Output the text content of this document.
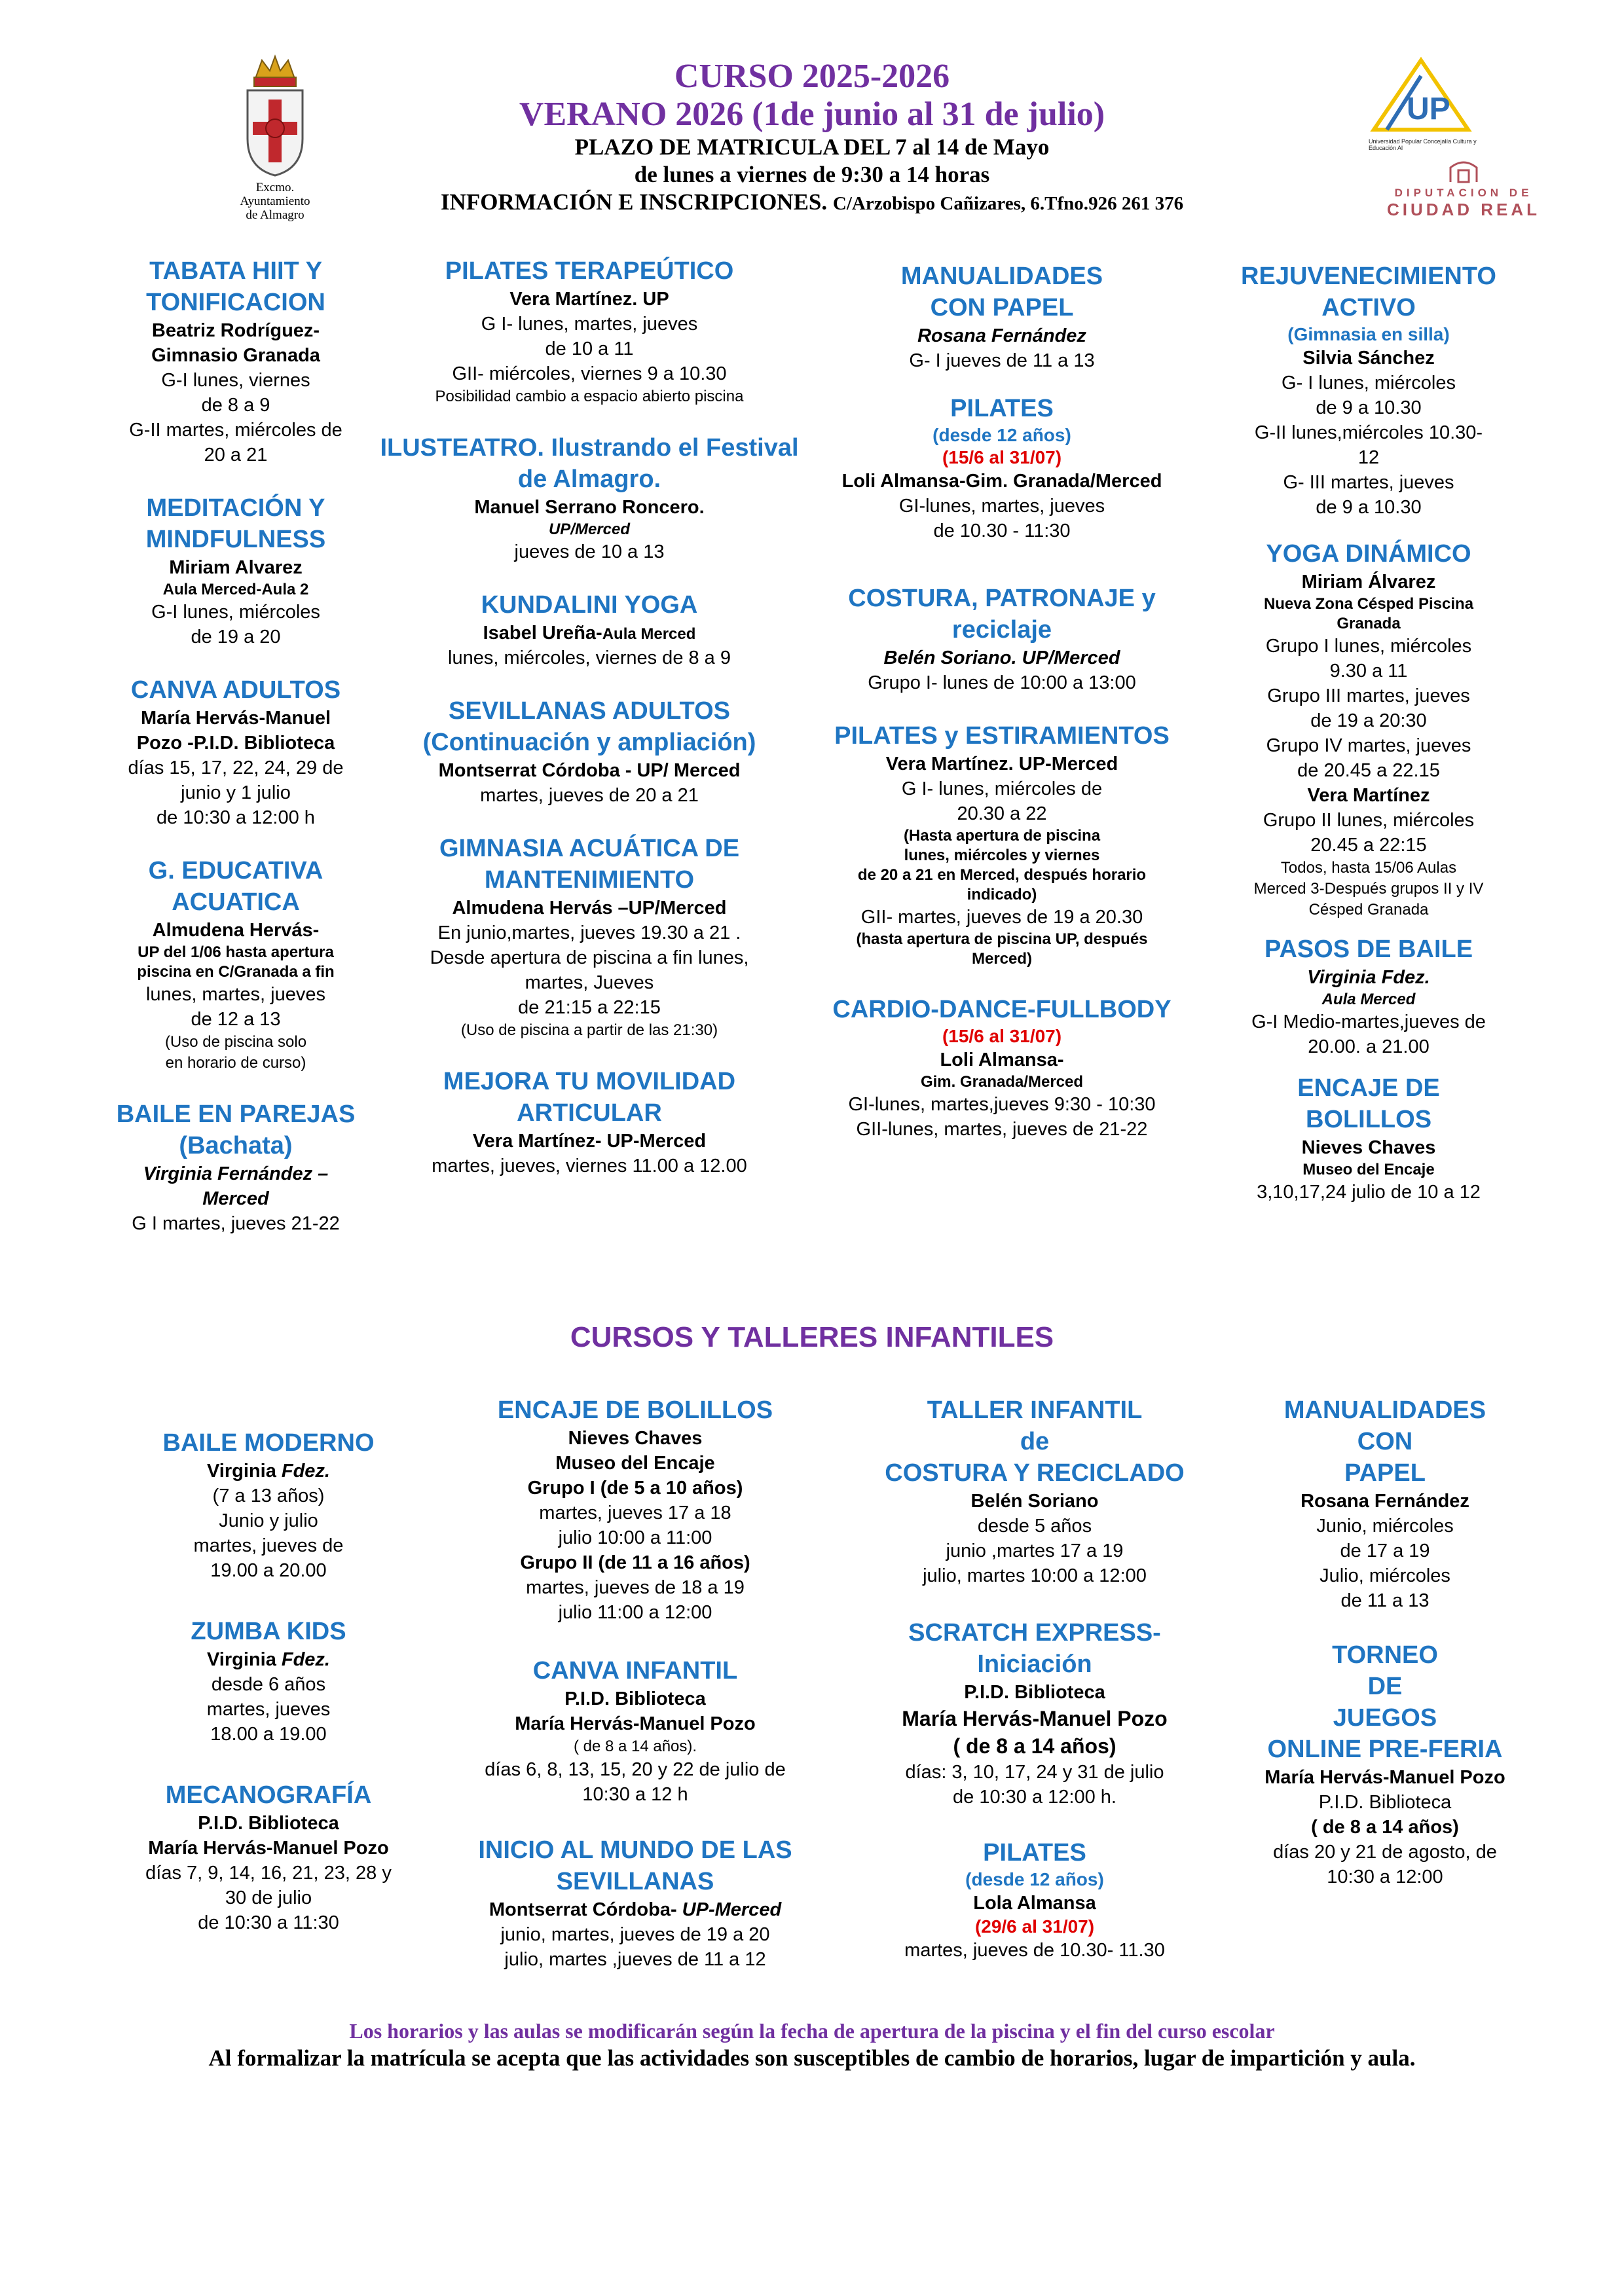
Excmo.
Ayuntamiento
de Almagro
CURSO 2025-2026
VERANO 2026 (1de junio al 31 de julio)
PLAZO DE MATRICULA DEL 7 al 14 de Mayo
de lunes a viernes de 9:30 a 14 horas
INFORMACIÓN E INSCRIPCIONES. C/Arzobispo Cañizares, 6.Tfno.926 261 376
UP
Universidad Popular Concejalía Cultura y Educación Al
DIPUTACION DE
CIUDAD REAL
TABATA HIIT Y TONIFICACION
Beatriz Rodríguez-
Gimnasio Granada
G-I lunes, viernes
de 8 a 9
G-II martes, miércoles de
20 a 21
MEDITACIÓN Y MINDFULNESS
Miriam Alvarez
Aula Merced-Aula 2
G-I lunes, miércoles
de 19 a 20
CANVA ADULTOS
María Hervás-Manuel
Pozo -P.I.D. Biblioteca
días 15, 17, 22, 24, 29 de
junio y 1 julio
de 10:30 a 12:00 h
G. EDUCATIVA ACUATICA
Almudena Hervás-
UP del 1/06 hasta apertura
piscina en C/Granada a fin
lunes, martes, jueves
de 12 a 13
(Uso de piscina solo
en horario de curso)
BAILE EN PAREJAS (Bachata)
Virginia Fernández –
Merced
G I martes, jueves 21-22
PILATES TERAPEÚTICO
Vera Martínez. UP
G I- lunes, martes, jueves
de 10 a 11
GII- miércoles, viernes 9 a 10.30
Posibilidad cambio a espacio abierto piscina
ILUSTEATRO. Ilustrando el Festival de Almagro.
Manuel Serrano Roncero.
UP/Merced
jueves de 10 a 13
KUNDALINI YOGA
Isabel Ureña-Aula Merced
lunes, miércoles, viernes de 8 a 9
SEVILLANAS ADULTOS (Continuación y ampliación)
Montserrat Córdoba - UP/ Merced
martes, jueves de 20 a 21
GIMNASIA ACUÁTICA DE MANTENIMIENTO
Almudena Hervás –UP/Merced
En junio,martes, jueves 19.30 a 21 .
Desde apertura de piscina a fin lunes,
martes, Jueves
de 21:15 a 22:15
(Uso de piscina a partir de las 21:30)
MEJORA TU MOVILIDAD ARTICULAR
Vera Martínez- UP-Merced
martes, jueves, viernes 11.00 a 12.00
MANUALIDADES CON PAPEL
Rosana Fernández
G- I jueves de 11 a 13
PILATES
(desde 12 años)
(15/6 al 31/07)
Loli Almansa-Gim. Granada/Merced
GI-lunes, martes, jueves
de 10.30 - 11:30
COSTURA, PATRONAJE y reciclaje
Belén Soriano. UP/Merced
Grupo I- lunes de 10:00 a 13:00
PILATES y ESTIRAMIENTOS
Vera Martínez. UP-Merced
G I- lunes, miércoles de
20.30 a 22
(Hasta apertura de piscina
lunes, miércoles y viernes
de 20 a 21 en Merced, después horario
indicado)
GII- martes, jueves de 19 a 20.30
(hasta apertura de piscina UP, después
Merced)
CARDIO-DANCE-FULLBODY
(15/6 al 31/07)
Loli Almansa-
Gim. Granada/Merced
GI-lunes, martes,jueves 9:30 - 10:30
GII-lunes, martes, jueves de 21-22
REJUVENECIMIENTO ACTIVO
(Gimnasia en silla)
Silvia Sánchez
G- I lunes, miércoles
de 9 a 10.30
G-II lunes,miércoles 10.30-
12
G- III martes, jueves
de 9 a 10.30
YOGA DINÁMICO
Miriam Álvarez
Nueva Zona Césped Piscina
Granada
Grupo I lunes, miércoles
9.30 a 11
Grupo III martes, jueves
de 19 a 20:30
Grupo IV martes, jueves
de 20.45 a 22.15
Vera Martínez
Grupo II lunes, miércoles
20.45 a 22:15
Todos, hasta 15/06 Aulas
Merced 3-Después grupos II y IV
Césped Granada
PASOS DE BAILE
Virginia Fdez.
Aula Merced
G-I Medio-martes,jueves de
20.00. a 21.00
ENCAJE DE BOLILLOS
Nieves Chaves
Museo del Encaje
3,10,17,24 julio de 10 a 12
CURSOS Y TALLERES INFANTILES
BAILE MODERNO
Virginia Fdez.
(7 a 13 años)
Junio y julio
martes, jueves de
19.00 a 20.00
ZUMBA KIDS
Virginia Fdez.
desde 6 años
martes, jueves
18.00 a 19.00
MECANOGRAFÍA
P.I.D. Biblioteca
María Hervás-Manuel Pozo
días 7, 9, 14, 16, 21, 23, 28 y
30 de julio
de 10:30 a 11:30
ENCAJE DE BOLILLOS
Nieves Chaves
Museo del Encaje
Grupo I (de 5 a 10 años)
martes, jueves 17 a 18
julio 10:00 a 11:00
Grupo II (de 11 a 16 años)
martes, jueves de 18 a 19
julio 11:00 a 12:00
CANVA INFANTIL
P.I.D. Biblioteca
María Hervás-Manuel Pozo
( de 8 a 14 años).
días 6, 8, 13, 15, 20 y 22 de julio de
10:30 a 12 h
INICIO AL MUNDO DE LAS SEVILLANAS
Montserrat Córdoba- UP-Merced
junio, martes, jueves de 19 a 20
julio, martes ,jueves de 11 a 12
TALLER INFANTIL
de
COSTURA Y RECICLADO
Belén Soriano
desde 5 años
junio ,martes 17 a 19
julio, martes 10:00 a 12:00
SCRATCH EXPRESS-Iniciación
P.I.D. Biblioteca
María Hervás-Manuel Pozo
( de 8 a 14 años)
días: 3, 10, 17, 24 y 31 de julio
de 10:30 a 12:00 h.
PILATES
(desde 12 años)
Lola Almansa
(29/6 al 31/07)
martes, jueves de 10.30- 11.30
MANUALIDADES
CON
PAPEL
Rosana Fernández
Junio, miércoles
de 17 a 19
Julio, miércoles
de 11 a 13
TORNEO
DE
JUEGOS
ONLINE PRE-FERIA
María Hervás-Manuel Pozo
P.I.D. Biblioteca
( de 8 a 14 años)
días 20 y 21 de agosto, de
10:30 a 12:00
Los horarios y las aulas se modificarán según la fecha de apertura de la piscina y el fin del curso escolar
Al formalizar la matrícula se acepta que las actividades son susceptibles de cambio de horarios, lugar de impartición y aula.
